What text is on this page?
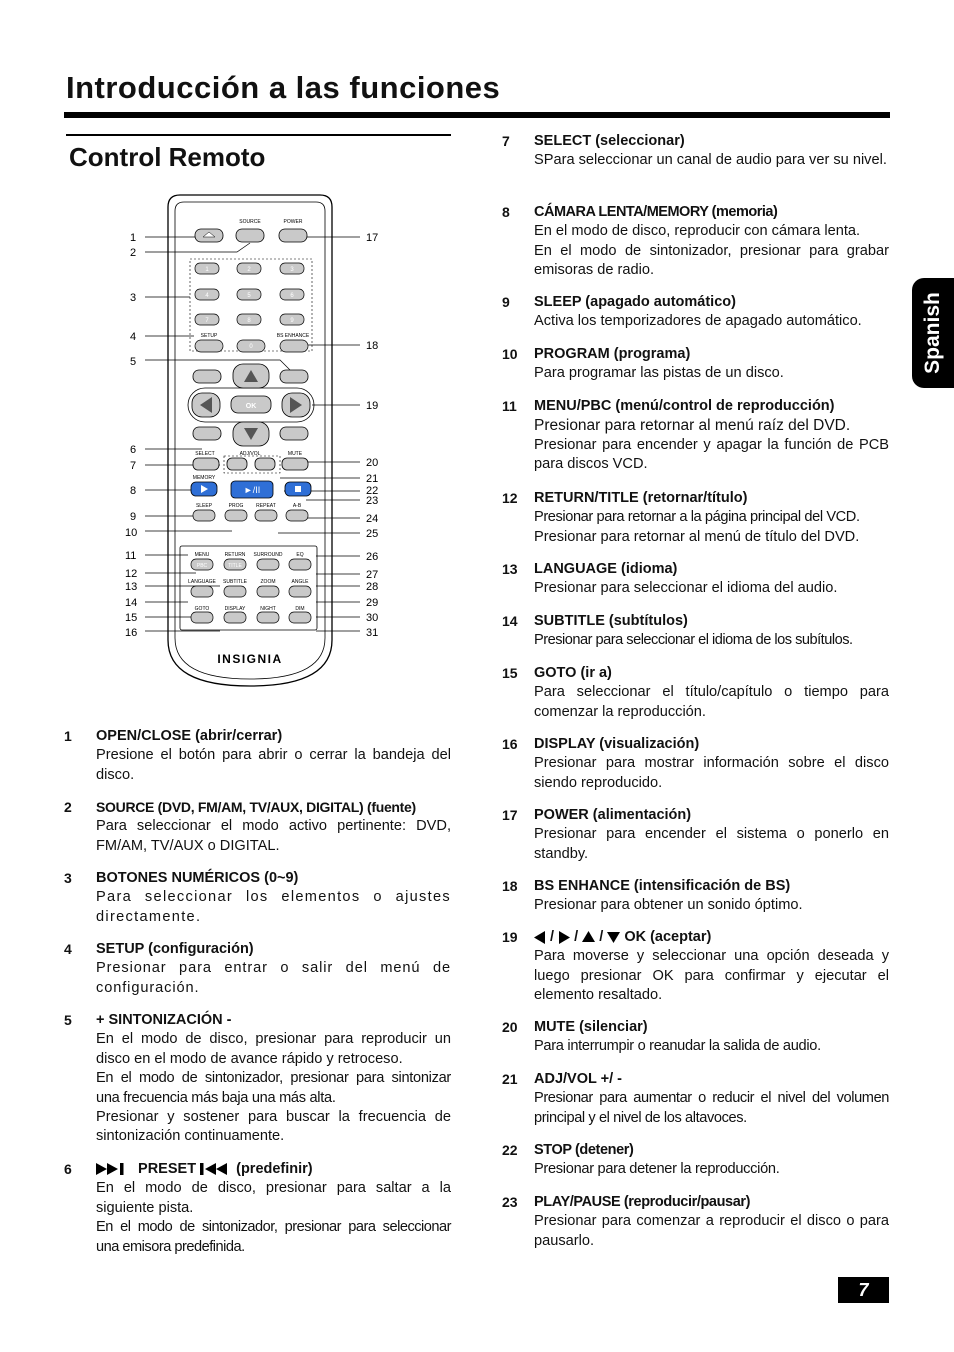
Introducción a las funciones
Control Remoto
Spanish
7
1
2
3
4
5
6
7
8
9
10
11
12
13
14
15
16
17
18
19
20
21
22
23
24
25
26
27
28
29
30
31
SOURCE	POWER
1	2	3
4	5	6
7	8	9
0
SETUP	BS ENHANCE
OK
SELECT	ADJ/VOL	MUTE
MEMORY
►/II
SLEEP	PROG	REPEAT	A-B
MENU	RETURN SURROUND	EQ
LANGUAGE SUBTITLE	ZOOM	ANGLE
GOTO	DISPLAY	NIGHT	DIM
PBC	TITLE
INSIGNIA
1 OPEN/CLOSE (abrir/cerrar)
Presione el botón para abrir o cerrar la bandeja del disco.
2 SOURCE (DVD, FM/AM, TV/AUX, DIGITAL) (fuente)
Para seleccionar el modo activo pertinente: DVD, FM/AM, TV/AUX o DIGITAL.
3 BOTONES NUMÉRICOS (0~9)
Para seleccionar los elementos o ajustes directamente.
4 SETUP (configuración)
Presionar para entrar o salir del menú de configuración.
5 + SINTONIZACIÓN -
En el modo de disco, presionar para reproducir un disco en el modo de avance rápido y retroceso.
En el modo de sintonizador, presionar para sintonizar una frecuencia más baja una más alta.
Presionar y sostener para buscar la frecuencia de sintonización continuamente.
6	PRESET	(predefinir)
En el modo de disco, presionar para saltar a la siguiente pista.
En el modo de sintonizador, presionar para seleccionar una emisora predefinida.
7 SELECT (seleccionar)
SPara seleccionar un canal de audio para ver su nivel.
8 CÁMARA LENTA/MEMORY (memoria)
En el modo de disco, reproducir con cámara lenta.
En el modo de sintonizador, presionar para grabar emisoras de radio.
9 SLEEP (apagado automático)
Activa los temporizadores de apagado automático.
10 PROGRAM (programa)
Para programar las pistas de un disco.
11 MENU/PBC (menú/control de reproducción)
Presionar para retornar al menú raíz del DVD.
Presionar para encender y apagar la función de PCB para discos VCD.
12 RETURN/TITLE (retornar/título)
Presionar para retornar a la página principal del VCD.
Presionar para retornar al menú de título del DVD.
13 LANGUAGE (idioma)
Presionar para seleccionar el idioma del audio.
14 SUBTITLE (subtítulos)
Presionar para seleccionar el idioma de los subítulos.
15 GOTO (ir a)
Para seleccionar el título/capítulo o tiempo para comenzar la reproducción.
16 DISPLAY (visualización)
Presionar para mostrar información sobre el disco siendo reproducido.
17 POWER (alimentación)
Presionar para encender el sistema o ponerlo en standby.
18 BS ENHANCE (intensificación de BS)
Presionar para obtener un sonido óptimo.
19	/ / / OK (aceptar)
Para moverse y seleccionar una opción deseada y luego presionar OK para confirmar y ejecutar el elemento resaltado.
20 MUTE (silenciar)
Para interrumpir o reanudar la salida de audio.
21 ADJ/VOL +/ -
Presionar para aumentar o reducir el nivel del volumen principal y el nivel de los altavoces.
22 STOP (detener)
Presionar para detener la reproducción.
23 PLAY/PAUSE (reproducir/pausar)
Presionar para comenzar a reproducir el disco o para pausarlo.
